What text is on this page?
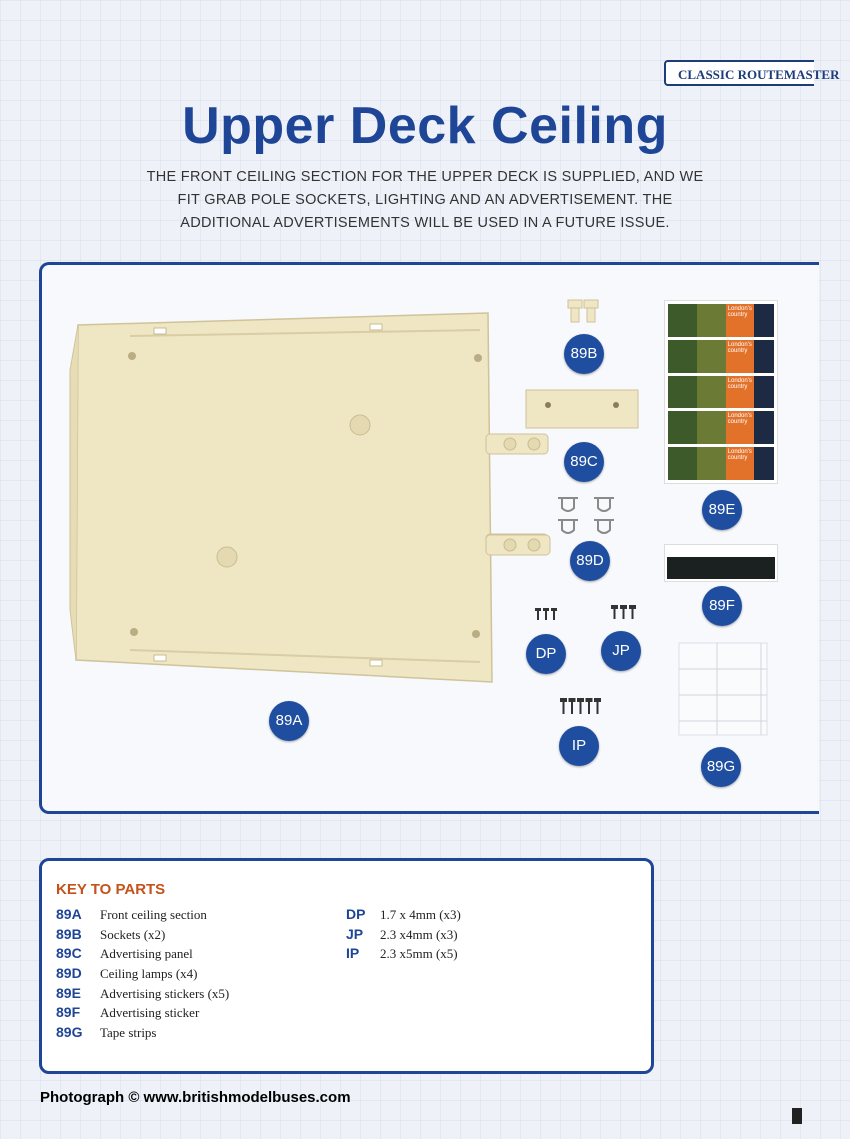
CLASSIC ROUTEMASTER
Upper Deck Ceiling
THE FRONT CEILING SECTION FOR THE UPPER DECK IS SUPPLIED, AND WE FIT GRAB POLE SOCKETS, LIGHTING AND AN ADVERTISEMENT. THE ADDITIONAL ADVERTISEMENTS WILL BE USED IN A FUTURE ISSUE.
89A
89B
89C
89D
London's country
London's country
London's country
London's country
London's country
89E
89F
DP	JP
IP
89G
KEY TO PARTS
89A Front ceiling section
89B Sockets (x2)
89C Advertising panel
89D Ceiling lamps (x4)
89E Advertising stickers (x5)
89F Advertising sticker
89G Tape strips
DP 1.7 x 4mm (x3)
JP 2.3 x4mm (x3)
IP 2.3 x5mm (x5)
Photograph © www.britishmodelbuses.com
